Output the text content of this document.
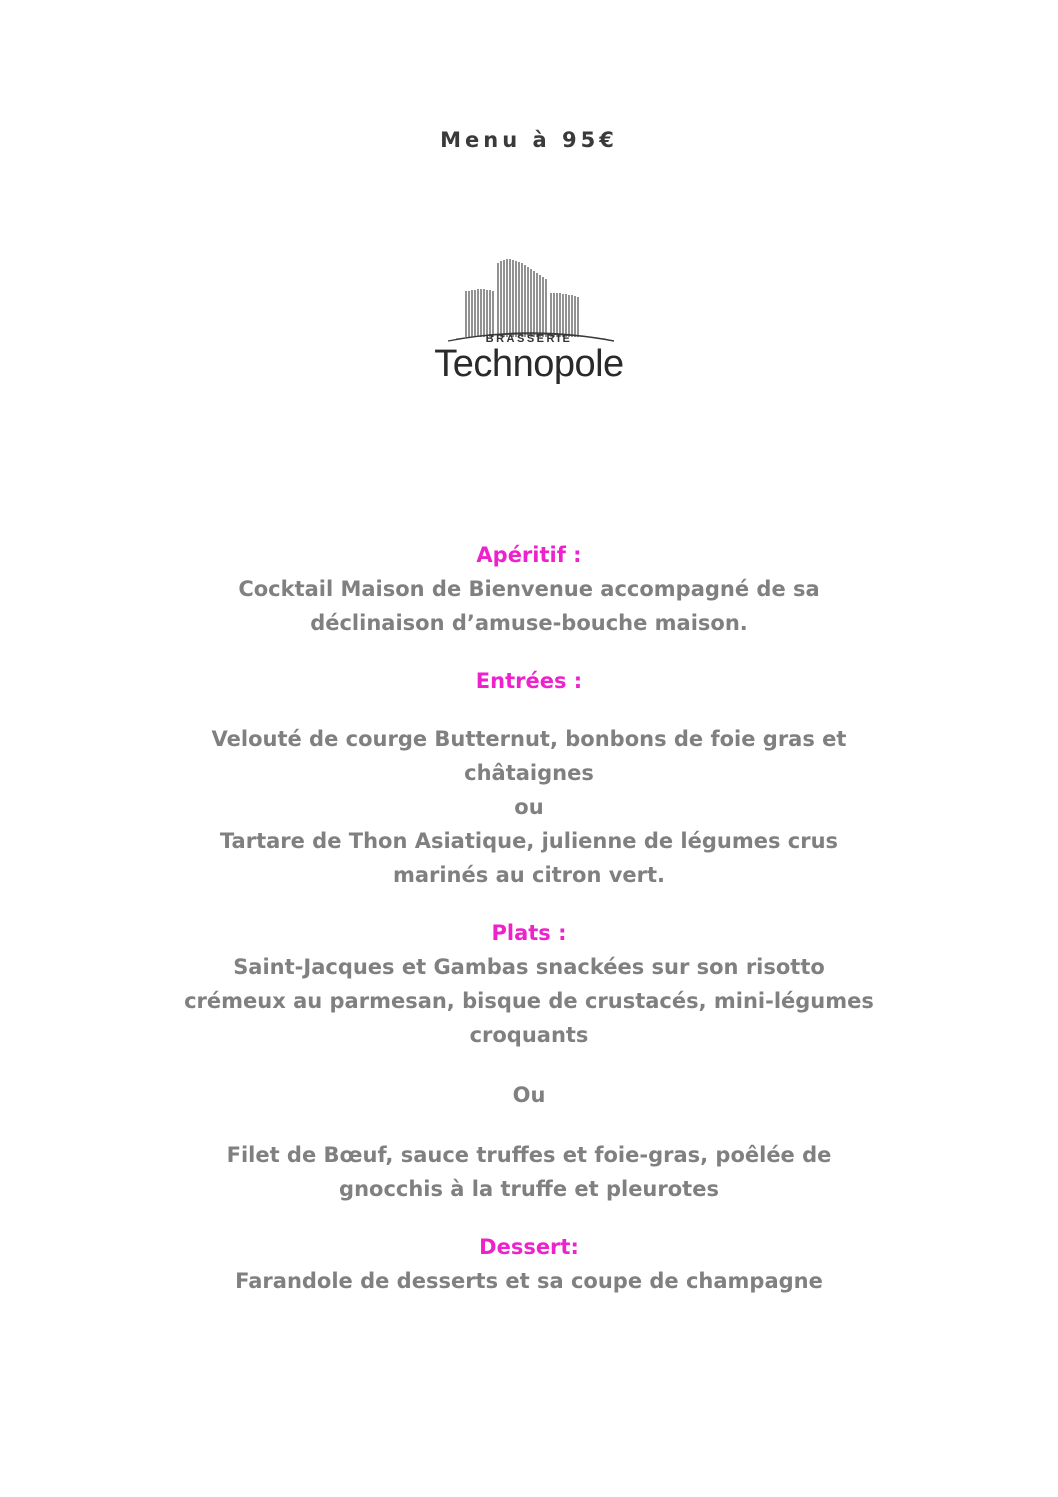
Menu à 95€
BRASSERIE
Technopole
Apéritif :
Cocktail Maison de Bienvenue accompagné de sa
déclinaison d’amuse-bouche maison.
Entrées :
Velouté de courge Butternut, bonbons de foie gras et
châtaignes
ou
Tartare de Thon Asiatique, julienne de légumes crus
marinés au citron vert.
Plats :
Saint-Jacques et Gambas snackées sur son risotto
crémeux au parmesan, bisque de crustacés, mini-légumes
croquants
Ou
Filet de Bœuf, sauce truffes et foie-gras, poêlée de
gnocchis à la truffe et pleurotes
Dessert:
Farandole de desserts et sa coupe de champagne
